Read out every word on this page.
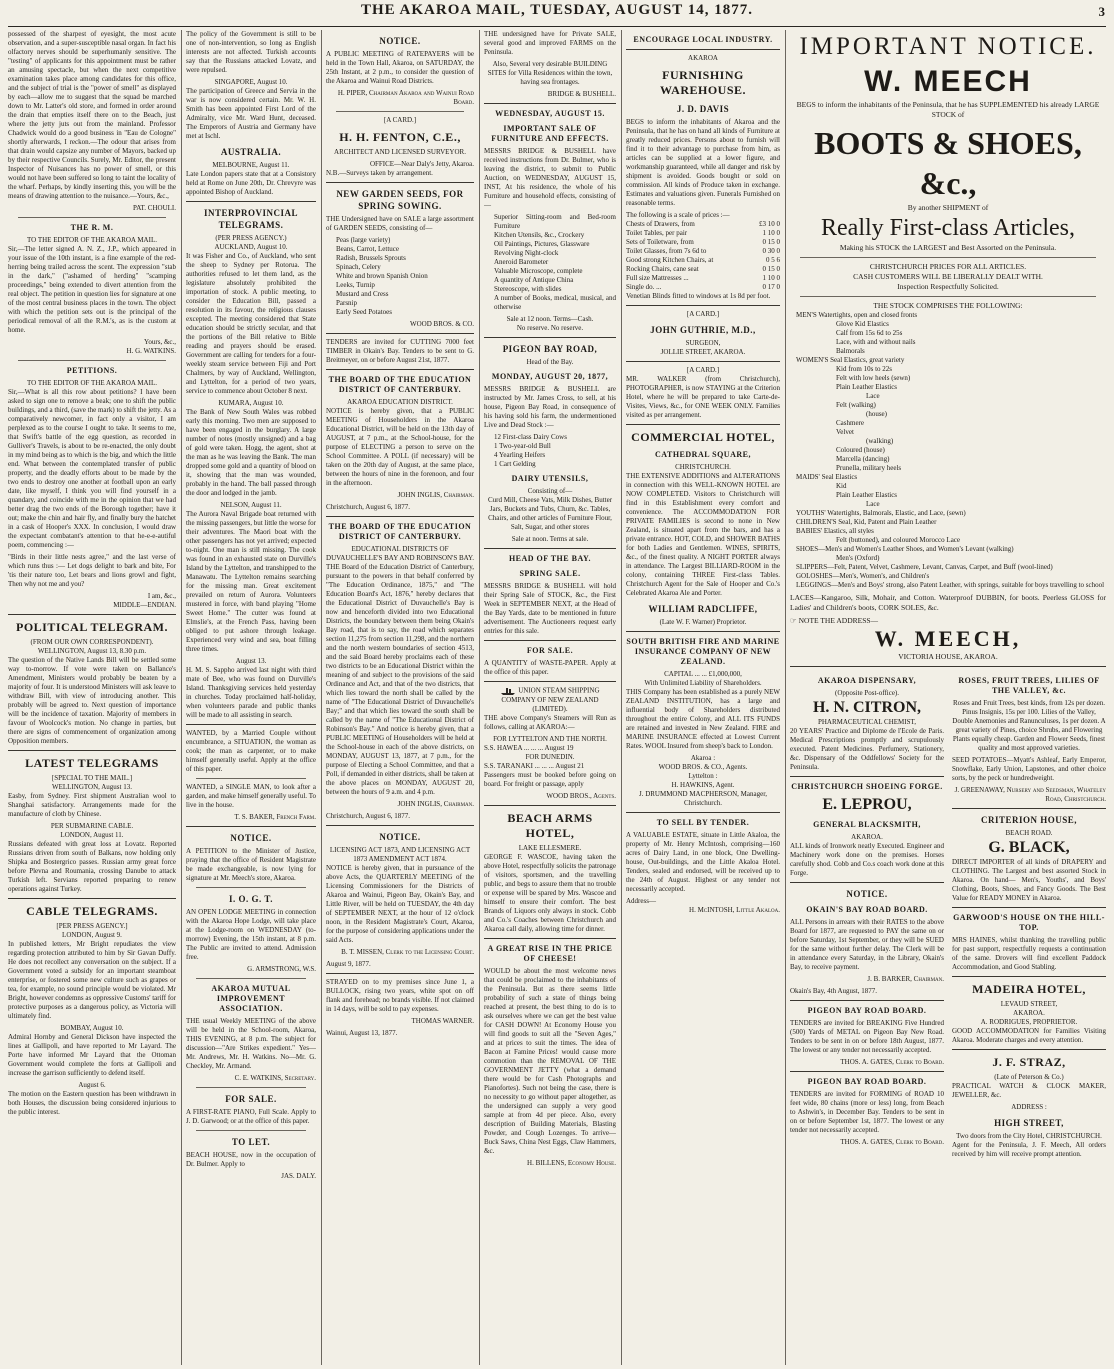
THE AKAROA MAIL, TUESDAY, AUGUST 14, 1877.	3

possessed of the sharpest of eyesight, the most acute observation, and a super-susceptible nasal organ. In fact his olfactory nerves should be superhumanly sensitive. The "testing" of applicants for this appointment must be rather an amusing spectacle, but when the next competitive examination takes place among candidates for this office, and the subject of trial is the "power of smell" as displayed by each—allow me to suggest that the squad be marched down to Mr. Latter's old store, and formed in order around the drain that empties itself there on to the Beach, just where the jetty juts out from the mainland. Professor Chadwick would do a good business in "Eau de Cologne" shortly afterwards, I reckon.—The odour that arises from that drain would capsize any number of Mayors, backed up by their respective Councils. Surely, Mr. Editor, the present Inspector of Nuisances has no power of smell, or this would not have been suffered so long to taint the locality of the wharf. Perhaps, by kindly inserting this, you will be the means of drawing attention to the nuisance.—Yours, &c.,

PAT. CHOULI.
THE R. M.
TO THE EDITOR OF THE AKAROA MAIL.

Sir,—The letter signed A. N. Z., J.P., which appeared in your issue of the 10th instant, is a fine example of the red-herring being trailed across the scent. The expression "stab in the dark," ("ashamed of herding" "scamping proceedings," being extended to divert attention from the real object. The petition in question lies for signature at one of the most central business places in the town. The object with which the petition sets out is the principal of the periodical removal of all the R.M.'s, as is the custom at home.

Yours, &c.,
H. G. WATKINS.
PETITIONS.
TO THE EDITOR OF THE AKAROA MAIL.

Sir,—What is all this row about petitions? I have been asked to sign one to remove a beak; one to shift the public buildings, and a third, (save the mark) to shift the jetty. As a comparatively newcomer, in fact only a visitor, I am perplexed as to the course I ought to take. It seems to me, that Swift's battle of the egg question, as recorded in Gulliver's Travels, is about to be re-enacted, the only doubt in my mind being as to which is the big, and which the little end. What between the contemplated transfer of public property, and the deadly efforts about to be made by the two ends to destroy one another at football upon an early date, like myself, I think you will find yourself in a quandary, and coincide with me in the opinion that we had better drag the two ends of the Borough together; have it out; make the chin and hair fly, and finally bury the hatchet in a cask of Hooper's XXX. In conclusion, I would draw the expectant combatant's attention to that he-e-e-autiful poem, commencing :—

"Birds in their little nests agree," and the last verse of which runs thus :— Let dogs delight to bark and bite, For 'tis their nature too, Let bears and lions growl and fight, Then why not me and you?

I am, &c.,
MIDDLE—ENDIAN.
POLITICAL TELEGRAM.
(FROM OUR OWN CORRESPONDENT).
WELLINGTON, August 13, 8.30 p.m.

The question of the Native Lands Bill will be settled some way to-morrow. If vote were taken on Ballance's Amendment, Ministers would probably be beaten by a majority of four. It is understood Ministers will ask leave to withdraw Bill, with view of introducing another. This probably will be agreed to. Next question of importance will be the incidence of taxation. Majority of members in favour of Woolcock's motion. No change in parties, but there are signs of commencement of organization among Opposition members.

LATEST TELEGRAMS
[SPECIAL TO THE MAIL.]
WELLINGTON, August 13.

Easby, from Sydney. First shipment Australian wool to Shanghai satisfactory. Arrangements made for the manufacture of cloth by Chinese.

PER SUBMARINE CABLE.
LONDON, August 11.

Russians defeated with great loss at Lovatz. Reported Russians driven from south of Balkans, now holding only Shipka and Bostergrico passes. Russian army great force before Plevna and Roumania, crossing Danube to attack Turkish left. Servians reported preparing to renew operations against Turkey.

CABLE TELEGRAMS.
[PER PRESS AGENCY.]
LONDON, August 9.

In published letters, Mr Bright repudiates the view regarding protection attributed to him by Sir Gavan Duffy. He does not recollect any conversation on the subject. If a Government voted a subsidy for an important steamboat enterprise, or fostered some new culture such as grapes or tea, for example, no sound principle would be violated. Mr Bright, however condemns as oppressive Customs' tariff for protective purposes as a dangerous policy, as Victoria will ultimately find.

BOMBAY, August 10.

Admiral Hornby and General Dickson have inspected the lines at Gallipoli, and have reported to Mr Layard. The Porte have informed Mr Layard that the Ottoman Government would complete the forts at Gallipoli and increase the garrison sufficiently to defend itself.

August 6.

The motion on the Eastern question has been withdrawn in both Houses, the discussion being considered injurious to the public interest.

The policy of the Government is still to be one of non-intervention, so long as English interests are not affected. Turkish accounts say that the Russians attacked Lovatz, and were repulsed.

SINGAPORE, August 10.

The participation of Greece and Servia in the war is now considered certain. Mr. W. H. Smith has been appointed First Lord of the Admiralty, vice Mr. Ward Hunt, deceased. The Emperors of Austria and Germany have met at Ischl.

AUSTRALIA.
MELBOURNE, August 11.

Late London papers state that at a Consistory held at Rome on June 20th, Dr. Chrevyre was appointed Bishop of Auckland.

INTERPROVINCIAL TELEGRAMS.
(PER PRESS AGENCY.)
AUCKLAND, August 10.

It was Fisher and Co., of Auckland, who sent the sheep to Sydney per Rotorua. The authorities refused to let them land, as the legislature absolutely prohibited the importation of stock. A public meeting, to consider the Education Bill, passed a resolution in its favour, the religious clauses excepted. The meeting considered that State education should be strictly secular, and that the portions of the Bill relative to Bible reading and prayers should be erased. Government are calling for tenders for a four-weekly steam service between Fiji and Port Chalmers, by way of Auckland, Wellington, and Lyttelton, for a period of two years, service to commence about October 8 next.

KUMARA, August 10.

The Bank of New South Wales was robbed early this morning. Two men are supposed to have been engaged in the burglary. A large number of notes (mostly unsigned) and a bag of gold were taken. Hogg, the agent, shot at the man as he was leaving the Bank. The man dropped some gold and a quantity of blood on it, showing that the man was wounded, probably in the hand. The ball passed through the door and lodged in the jamb.

NELSON, August 11.

The Aurora Naval Brigade boat returned with the missing passengers, but little the worse for their adventures. The Maori boat with the other passengers has not yet arrived; expected to-night. One man is still missing. The cook was found in an exhausted state on Durville's Island by the Lyttelton, and transhipped to the Manawatu. The Lyttelton remains searching for the missing man. Great excitement prevailed on return of Aurora. Volunteers mustered in force, with band playing "Home Sweet Home." The cutter was found at Elmslie's, at the French Pass, having been obliged to put ashore through leakage. Experienced very wind and sea, boat filling three times.

August 13.

H. M. S. Sappho arrived last night with third mate of Bee, who was found on Durville's Island. Thanksgiving services held yesterday in churches. Today proclaimed half-holiday, when volunteers parade and public thanks will be made to all assisting in search.

WANTED, by a Married Couple without encumbrance, a SITUATION, the woman as cook; the man as carpenter, or to make himself generally useful. Apply at the office of this paper.

WANTED, a SINGLE MAN, to look after a garden, and make himself generally useful. To live in the house.

T. S. BAKER, French Farm.
NOTICE.

A PETITION to the Minister of Justice, praying that the office of Resident Magistrate be made exchangeable, is now lying for signature at Mr. Meech's store, Akaroa.

I. O. G. T.

AN OPEN LODGE MEETING in connection with the Akaroa Hope Lodge, will take place at the Lodge-room on WEDNESDAY (to-morrow) Evening, the 15th instant, at 8 p.m. The Public are invited to attend. Admission free.

G. ARMSTRONG, W.S.
AKAROA MUTUAL IMPROVEMENT ASSOCIATION.

THE usual Weekly MEETING of the above will be held in the School-room, Akaroa, THIS EVENING, at 8 p.m. The subject for discussion—"Are Strikes expedient." Yes—Mr. Andrews, Mr. H. Watkins. No—Mr. G. Checkley, Mr. Armand.

C. E. WATKINS, Secretary.
FOR SALE.

A FIRST-RATE PIANO, Full Scale. Apply to J. D. Garwood; or at the office of this paper.

TO LET.

BEACH HOUSE, now in the occupation of Dr. Bulmer. Apply to

JAS. DALY.
NOTICE.

A PUBLIC MEETING of RATEPAYERS will be held in the Town Hall, Akaroa, on SATURDAY, the 25th Instant, at 2 p.m., to consider the question of the Akaroa and Wainui Road Districts.

H. PIPER, Chairman Akaroa and Wainui Road Board.
[A CARD.]
H. H. FENTON, C.E.,

ARCHITECT AND LICENSED SURVEYOR.

OFFICE—Near Daly's Jetty, Akaroa.

N.B.—Surveys taken by arrangement.

NEW GARDEN SEEDS, FOR SPRING SOWING.

THE Undersigned have on SALE a large assortment of GARDEN SEEDS, consisting of—

Peas (large variety)
Beans, Carrot, Lettuce
Radish, Brussels Sprouts
Spinach, Celery
White and brown Spanish Onion
Leeks, Turnip
Mustard and Cress
Parsnip
Early Seed Potatoes
WOOD BROS. & CO.

TENDERS are invited for CUTTING 7000 feet TIMBER in Okain's Bay. Tenders to be sent to G. Breitmeyer, on or before August 21st, 1877.

THE BOARD OF THE EDUCATION DISTRICT OF CANTERBURY.
AKAROA EDUCATION DISTRICT.

NOTICE is hereby given, that a PUBLIC MEETING of Householders in the Akaroa Educational District, will be held on the 13th day of AUGUST, at 7 p.m., at the School-house, for the purpose of ELECTING a person to serve on the School Committee. A POLL (if necessary) will be taken on the 20th day of August, at the same place, between the hours of nine in the forenoon, and four in the afternoon.

JOHN INGLIS, Chairman.

Christchurch, August 6, 1877.

THE BOARD OF THE EDUCATION DISTRICT OF CANTERBURY.
EDUCATIONAL DISTRICTS OF DUVAUCHELLE'S BAY AND ROBINSON'S BAY.

THE Board of the Education District of Canterbury, pursuant to the powers in that behalf conferred by "The Education Ordinance, 1875," and "The Education Board's Act, 1876," hereby declares that the Educational District of Duvauchelle's Bay is now and henceforth divided into two Educational Districts, the boundary between them being Okain's Bay road, that is to say, the road which separates section 11,275 from section 11,298, and the northern and the north western boundaries of section 4513, and the said Board hereby proclaims each of these two districts to be an Educational District within the meaning of and subject to the provisions of the said Ordinance and Act, and that of the two districts, that which lies toward the north shall be called by the name of "The Educational District of Duvauchelle's Bay;" and that which lies toward the south shall be called by the name of "The Educational District of Robinson's Bay." And notice is hereby given, that a PUBLIC MEETING of Householders will be held at the School-house in each of the above districts, on MONDAY, AUGUST 13, 1877, at 7 p.m., for the purpose of Electing a School Committee, and that a Poll, if demanded in either districts, shall be taken at the above places on MONDAY, AUGUST 20, between the hours of 9 a.m. and 4 p.m.

JOHN INGLIS, Chairman.

Christchurch, August 6, 1877.

NOTICE.
LICENSING ACT 1873, AND LICENSING ACT 1873 AMENDMENT ACT 1874.

NOTICE is hereby given, that in pursuance of the above Acts, the QUARTERLY MEETING of the Licensing Commissioners for the Districts of Akaroa and Wainui, Pigeon Bay, Okain's Bay, and Little River, will be held on TUESDAY, the 4th day of SEPTEMBER NEXT, at the hour of 12 o'clock noon, in the Resident Magistrate's Court, Akaroa, for the purpose of considering applications under the said Acts.

B. T. MISSEN, Clerk to the Licensing Court.

August 9, 1877.

STRAYED on to my premises since June 1, a BULLOCK, rising two years, white spot on off flank and forehead; no brands visible. If not claimed in 14 days, will be sold to pay expenses.

THOMAS WARNER.

Wainui, August 13, 1877.

THE undersigned have for Private SALE, several good and improved FARMS on the Peninsula.

Also, Several very desirable BUILDING SITES for Villa Residences within the town, having sea frontages.

BRIDGE & BUSHELL.
WEDNESDAY, AUGUST 15.
IMPORTANT SALE OF FURNITURE AND EFFECTS.

MESSRS BRIDGE & BUSHELL have received instructions from Dr. Bulmer, who is leaving the district, to submit to Public Auction, on WEDNESDAY, AUGUST 15, INST, At his residence, the whole of his Furniture and household effects, consisting of—

Superior Sitting-room and Bed-room Furniture
Kitchen Utensils, &c., Crockery
Oil Paintings, Pictures, Glassware
Revolving Night-clock
Aneroid Barometer
Valuable Microscope, complete
A quantity of Antique China
Stereoscope, with slides
A number of Books, medical, musical, and otherwise
Sale at 12 noon. Terms—Cash.
No reserve. No reserve.
PIGEON BAY ROAD,
Head of the Bay.
MONDAY, AUGUST 20, 1877,

MESSRS BRIDGE & BUSHELL are instructed by Mr. James Cross, to sell, at his house, Pigeon Bay Road, in consequence of his having sold his farm, the undermentioned Live and Dead Stock :—

12 First-class Dairy Cows
1 Two-year-old Bull
4 Yearling Heifers
1 Cart Gelding
DAIRY UTENSILS,
Consisting of—

Curd Mill, Cheese Vats, Milk Dishes, Butter Jars, Buckets and Tubs, Churn, &c. Tables, Chairs, and other articles of Furniture Flour, Salt, Sugar, and other stores

Sale at noon. Terms at sale.
HEAD OF THE BAY.
SPRING SALE.

MESSRS BRIDGE & BUSHELL will hold their Spring Sale of STOCK, &c., the First Week in SEPTEMBER NEXT, at the Head of the Bay Yards, date to be mentioned in future advertisement. The Auctioneers request early entries for this sale.

FOR SALE.

A QUANTITY of WASTE-PAPER. Apply at the office of this paper.

UNION STEAM SHIPPING COMPANY OF NEW ZEALAND (LIMITED).

THE above Company's Steamers will Run as follows, calling at AKAROA:—

FOR LYTTELTON AND THE NORTH.
S.S. HAWEA ... ... ... August 19
FOR DUNEDIN.
S.S. TARANAKI ... ... ... August 21

Passengers must be booked before going on board. For freight or passage, apply

WOOD BROS., Agents.
BEACH ARMS HOTEL,
LAKE ELLESMERE.

GEORGE F. WASCOE, having taken the above Hotel, respectfully solicits the patronage of visitors, sportsmen, and the travelling public, and begs to assure them that no trouble or expense will be spared by Mrs. Wascoe and himself to ensure their comfort. The best Brands of Liquors only always in stock. Cobb and Co.'s Coaches between Christchurch and Akaroa call daily, allowing time for dinner.

A GREAT RISE IN THE PRICE OF CHEESE!

WOULD be about the most welcome news that could be proclaimed to the inhabitants of the Peninsula. But as there seems little probability of such a state of things being reached at present, the best thing to do is to ask ourselves where we can get the best value for CASH DOWN! At Economy House you will find goods to suit all the "Seven Ages," and at prices to suit the times. The idea of Bacon at Famine Prices! would cause more commotion than the REMOVAL OF THE GOVERNMENT JETTY (what a demand there would be for Cash Photographs and Pianofortes). Such not being the case, there is no necessity to go without paper altogether, as the undersigned can supply a very good sample at from 4d per piece. Also, every description of Building Materials, Blasting Powder, and Cough Lozenges. To arrive—Buck Saws, China Nest Eggs, Claw Hammers, &c.

H. BILLENS, Economy House.
ENCOURAGE LOCAL INDUSTRY.
AKAROA
FURNISHING WAREHOUSE.
J. D. DAVIS

BEGS to inform the inhabitants of Akaroa and the Peninsula, that he has on hand all kinds of Furniture at greatly reduced prices. Persons about to furnish will find it to their advantage to purchase from him, as articles can be supplied at a lower figure, and workmanship guaranteed, while all danger and risk by shipment is avoided. Goods bought or sold on commission. All kinds of Produce taken in exchange. Estimates and valuations given. Funerals Furnished on reasonable terms.

The following is a scale of prices :—
Chests of Drawers, from	£3 10 0
Toilet Tables, per pair	1 10 0
Sets of Toiletware, from	0 15 0
Toilet Glasses, from 7s 6d to	0 30 0
Good strong Kitchen Chairs, at	0 5 6
Rocking Chairs, cane seat	0 15 0
Full size Mattresses ...	1 10 0
Single do. ...	0 17 0

Venetian Blinds fitted to windows at 1s 8d per foot.

[A CARD.]
JOHN GUTHRIE, M.D.,
SURGEON,
JOLLIE STREET, AKAROA.
[A CARD.]

MR. WALKER (from Christchurch), PHOTOGRAPHER, is now STAYING at the Criterion Hotel, where he will be prepared to take Carte-de-Visites, Views, &c., for ONE WEEK ONLY. Families visited as per arrangement.

COMMERCIAL HOTEL,
CATHEDRAL SQUARE,
CHRISTCHURCH.

THE EXTENSIVE ADDITIONS and ALTERATIONS in connection with this WELL-KNOWN HOTEL are NOW COMPLETED. Visitors to Christchurch will find in this Establishment every comfort and convenience. The ACCOMMODATION FOR PRIVATE FAMILIES is second to none in New Zealand, is situated apart from the bars, and has a private entrance. HOT, COLD, and SHOWER BATHS for both Ladies and Gentlemen. WINES, SPIRITS, &c., of the finest quality. A NIGHT PORTER always in attendance. The Largest BILLIARD-ROOM in the colony, containing THREE First-class Tables. Christchurch Agent for the Sale of Hooper and Co.'s Celebrated Akaroa Ale and Porter.

WILLIAM RADCLIFFE,
(Late W. F. Warner) Proprietor.
SOUTH BRITISH FIRE AND MARINE INSURANCE COMPANY OF NEW ZEALAND.
CAPITAL ... ... £1,000,000,
With Unlimited Liability of Shareholders.

THIS Company has been established as a purely NEW ZEALAND INSTITUTION, has a large and influential body of Shareholders distributed throughout the entire Colony, and ALL ITS FUNDS are retained and invested in New Zealand. FIRE and MARINE INSURANCE effected at Lowest Current Rates. WOOL Insured from sheep's back to London.

Akaroa :
WOOD BROS. & CO., Agents.
Lyttelton :
H. HAWKINS, Agent.
J. DRUMMOND MACPHERSON, Manager, Christchurch.
TO SELL BY TENDER.

A VALUABLE ESTATE, situate in Little Akaloa, the property of Mr. Henry McIntosh, comprising—160 acres of Dairy Land, in one block, One Dwelling-house, Out-buildings, and the Little Akaloa Hotel. Tenders, sealed and endorsed, will be received up to the 24th of August. Highest or any tender not necessarily accepted.

Address—
H. McINTOSH, Little Akaloa.
IMPORTANT NOTICE.
W. MEECH

BEGS to inform the inhabitants of the Peninsula, that he has SUPPLEMENTED his already LARGE STOCK of

BOOTS & SHOES, &c.,
By another SHIPMENT of
Really First-class Articles,
Making his STOCK the LARGEST and Best Assorted on the Peninsula.
CHRISTCHURCH PRICES FOR ALL ARTICLES.
CASH CUSTOMERS WILL BE LIBERALLY DEALT WITH.
Inspection Respectfully Solicited.
THE STOCK COMPRISES THE FOLLOWING:
MEN'S Watertights, open and closed fronts
Glove Kid Elastics
Calf from 15s 6d to 25s
Lace, with and without nails
Balmorals
WOMEN'S Seal Elastics, great variety
Kid from 10s to 22s
Felt with low heels (sewn)
Plain Leather Elastics
Lace
Felt (walking)
(house)
Cashmere
Velvet
(walking)
Coloured (house)
Marcella (dancing)
Prunella, military heels
MAIDS' Seal Elastics
Kid
Plain Leather Elastics
Lace
YOUTHS' Watertights, Balmorals, Elastic, and Lace, (sewn)
CHILDREN'S Seal, Kid, Patent and Plain Leather
BABIES' Elastics, all styles
Felt (buttoned), and coloured Morocco Lace
SHOES—Men's and Women's Leather Shoes, and Women's Levant (walking)
Men's (Oxford)
SLIPPERS—Felt, Patent, Velvet, Cashmere, Levant, Canvas, Carpet, and Buff (wool-lined)
GOLOSHES—Men's, Women's, and Children's
LEGGINGS—Men's and Boys' strong, also Patent Leather, with springs, suitable for boys travelling to school

LACES—Kangaroo, Silk, Mohair, and Cotton. Waterproof DUBBIN, for boots. Peerless GLOSS for Ladies' and Children's boots, CORK SOLES, &c.

☞ NOTE THE ADDRESS—
W. MEECH,
VICTORIA HOUSE, AKAROA.
AKAROA DISPENSARY,
(Opposite Post-office).
H. N. CITRON,
PHARMACEUTICAL CHEMIST,

20 YEARS' Practice and Diplome de l'Ecole de Paris. Medical Prescriptions promptly and scrupulously executed. Patent Medicines. Perfumery, Stationery, &c. Dispensary of the Oddfellows' Society for the Peninsula.

CHRISTCHURCH SHOEING FORGE.
E. LEPROU,
GENERAL BLACKSMITH,
AKAROA.

ALL kinds of Ironwork neatly Executed. Engineer and Machinery work done on the premises. Horses carefully shod. Cobb and Co.s coach work done at this Forge.

NOTICE.
OKAIN'S BAY ROAD BOARD.

ALL Persons in arrears with their RATES to the above Board for 1877, are requested to PAY the same on or before Saturday, 1st September, or they will be SUED for the same without further delay. The Clerk will be in attendance every Saturday, in the Library, Okain's Bay, to receive payment.

J. B. BARKER, Chairman.

Okain's Bay, 4th August, 1877.

PIGEON BAY ROAD BOARD.

TENDERS are invited for BREAKING Five Hundred (500) Yards of METAL on Pigeon Bay New Road. Tenders to be sent in on or before 18th August, 1877. The lowest or any tender not necessarily accepted.

THOS. A. GATES, Clerk to Board.
PIGEON BAY ROAD BOARD.

TENDERS are invited for FORMING of ROAD 10 feet wide, 80 chains (more or less) long, from Beach to Ashwin's, in December Bay. Tenders to be sent in on or before September 1st, 1877. The lowest or any tender not necessarily accepted.

THOS. A. GATES, Clerk to Board.
ROSES, FRUIT TREES, LILIES OF THE VALLEY, &c.

Roses and Fruit Trees, best kinds, from 12s per dozen. Pinus Insignis, 15s per 100. Lilies of the Valley, Double Anemonies and Ranunculuses, 1s per dozen. A great variety of Pines, choice Shrubs, and Flowering Plants equally cheap. Garden and Flower Seeds, finest quality and most approved varieties.

SEED POTATOES—Myatt's Ashleaf, Early Emperor, Snowflake, Early Union, Lapstones, and other choice sorts, by the peck or hundredweight.

J. GREENAWAY, Nursery and Seedsman, Whateley Road, Christchurch.
CRITERION HOUSE,
BEACH ROAD.
G. BLACK,

DIRECT IMPORTER of all kinds of DRAPERY and CLOTHING. The Largest and best assorted Stock in Akaroa. On hand— Men's, Youths', and Boys' Clothing, Boots, Shoes, and Fancy Goods. The Best Value for READY MONEY in Akaroa.

GARWOOD'S HOUSE ON THE HILL-TOP.

MRS HAINES, whilst thanking the travelling public for past support, respectfully requests a continuation of the same. Drovers will find excellent Paddock Accommodation, and Good Stabling.

MADEIRA HOTEL,
LEVAUD STREET,
AKAROA.
A. RODRIGUES, PROPRIETOR.

GOOD ACCOMMODATION for Families Visiting Akaroa. Moderate charges and every attention.

J. F. STRAZ,
(Late of Peterson & Co.)

PRACTICAL WATCH & CLOCK MAKER, JEWELLER, &c.

ADDRESS :
HIGH STREET,
Two doors from the City Hotel, CHRISTCHURCH.

Agent for the Peninsula, J. F. Meech, All orders received by him will receive prompt attention.
